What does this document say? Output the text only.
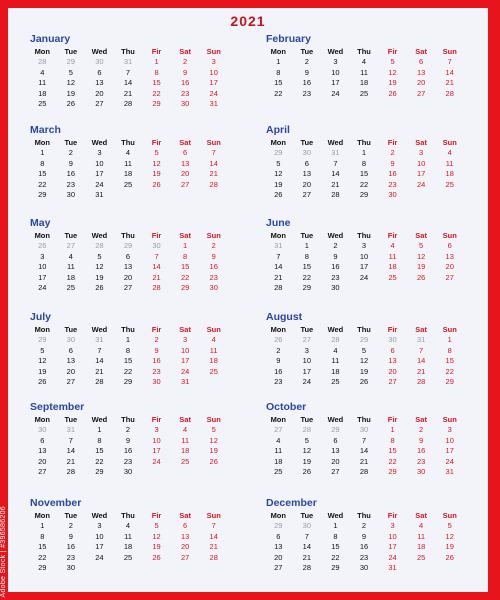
2021
January
Mon	Tue	Wed	Thu	Fir	Sat	Sun
28	29	30	31	1	2	3
4	5	6	7	8	9	10
11	12	13	14	15	16	17
18	19	20	21	22	23	24
25	26	27	28	29	30	31
February
Mon	Tue	Wed	Thu	Fir	Sat	Sun
1	2	3	4	5	6	7
8	9	10	11	12	13	14
15	16	17	18	19	20	21
22	23	24	25	26	27	28
March
Mon	Tue	Wed	Thu	Fir	Sat	Sun
1	2	3	4	5	6	7
8	9	10	11	12	13	14
15	16	17	18	19	20	21
22	23	24	25	26	27	28
29	30	31
April
Mon	Tue	Wed	Thu	Fir	Sat	Sun
29	30	31	1	2	3	4
5	6	7	8	9	10	11
12	13	14	15	16	17	18
19	20	21	22	23	24	25
26	27	28	29	30
May
Mon	Tue	Wed	Thu	Fir	Sat	Sun
26	27	28	29	30	1	2
3	4	5	6	7	8	9
10	11	12	13	14	15	16
17	18	19	20	21	22	23
24	25	26	27	28	29	30
June
Mon	Tue	Wed	Thu	Fir	Sat	Sun
31	1	2	3	4	5	6
7	8	9	10	11	12	13
14	15	16	17	18	19	20
21	22	23	24	25	26	27
28	29	30
July
Mon	Tue	Wed	Thu	Fir	Sat	Sun
29	30	31	1	2	3	4
5	6	7	8	9	10	11
12	13	14	15	16	17	18
19	20	21	22	23	24	25
26	27	28	29	30	31
August
Mon	Tue	Wed	Thu	Fir	Sat	Sun
26	27	28	29	30	31	1
2	3	4	5	6	7	8
9	10	11	12	13	14	15
16	17	18	19	20	21	22
23	24	25	26	27	28	29
September
Mon	Tue	Wed	Thu	Fir	Sat	Sun
30	31	1	2	3	4	5
6	7	8	9	10	11	12
13	14	15	16	17	18	19
20	21	22	23	24	25	26
27	28	29	30
October
Mon	Tue	Wed	Thu	Fir	Sat	Sun
27	28	29	30	1	2	3
4	5	6	7	8	9	10
11	12	13	14	15	16	17
18	19	20	21	22	23	24
25	26	27	28	29	30	31
November
Mon	Tue	Wed	Thu	Fir	Sat	Sun
1	2	3	4	5	6	7
8	9	10	11	12	13	14
15	16	17	18	19	20	21
22	23	24	25	26	27	28
29	30
December
Mon	Tue	Wed	Thu	Fir	Sat	Sun
29	30	1	2	3	4	5
6	7	8	9	10	11	12
13	14	15	16	17	18	19
20	21	22	23	24	25	26
27	28	29	30	31
Adobe Stock | #396586206
